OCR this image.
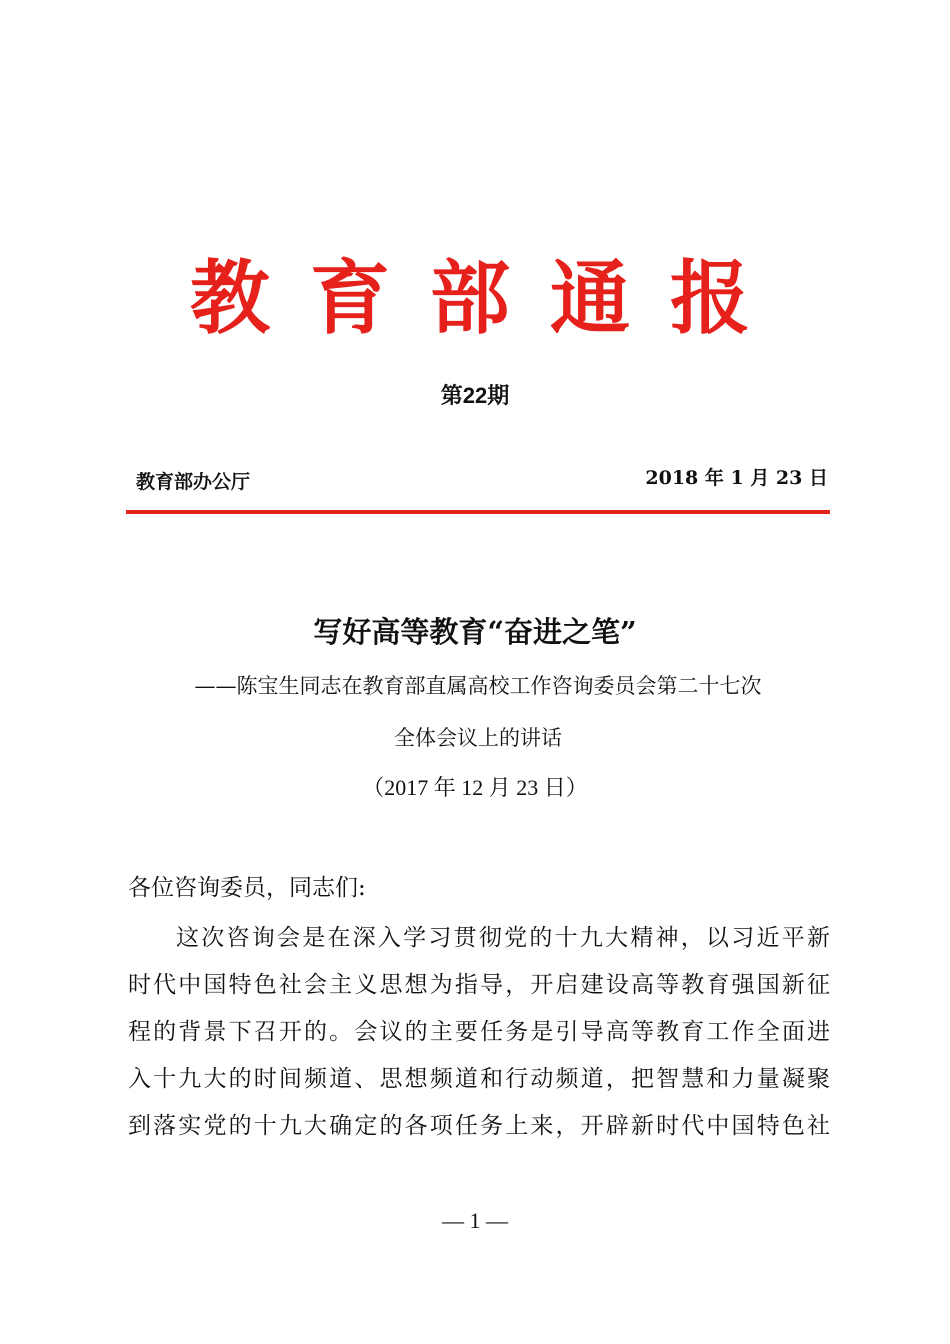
教 育 部 通 报
第22期
教育部办公厅	2018 年 1 月 23 日
写好高等教育“奋进之笔”
——陈宝生同志在教育部直属高校工作咨询委员会第二十七次
全体会议上的讲话
（2017 年 12 月 23 日）
各位咨询委员，同志们:
这次咨询会是在深入学习贯彻党的十九大精神，以习近平新
时代中国特色社会主义思想为指导，开启建设高等教育强国新征
程的背景下召开的。会议的主要任务是引导高等教育工作全面进
入十九大的时间频道、思想频道和行动频道，把智慧和力量凝聚
到落实党的十九大确定的各项任务上来，开辟新时代中国特色社
— 1 —
